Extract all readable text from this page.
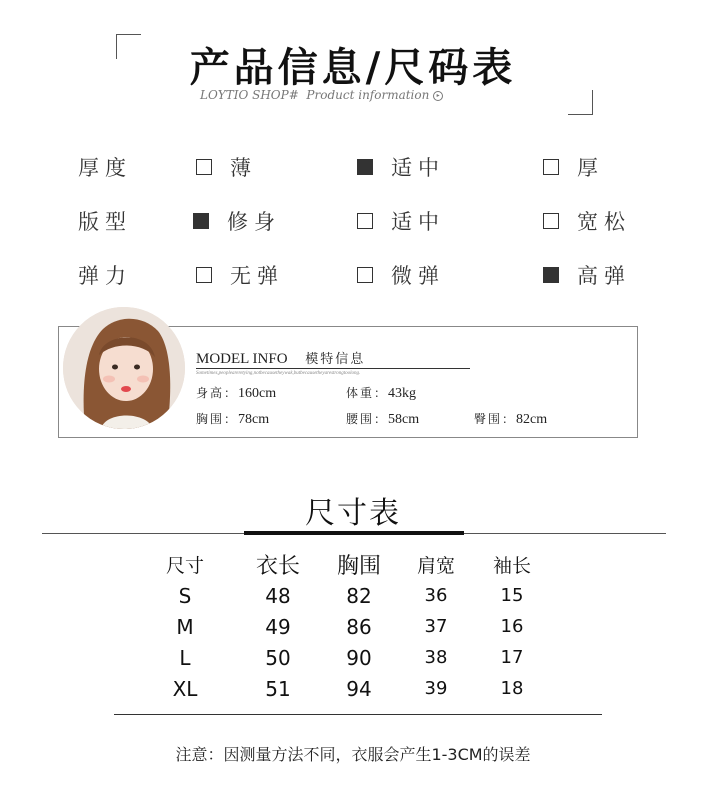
产品信息/尺码表
LOYTIO SHOP# Product information ▸
厚度	薄	适中	厚
版型	修身	适中	宽松
弹力	无弹	微弹	高弹
MODEL INFO 模特信息
Sometimes,peopleareretying,notbecausetheywak,butbecausetheyarestrongtoolong.
身高：160cm	体重：43kg
胸围：78cm	腰围：58cm	臀围：82cm
尺寸表
尺寸	衣长	胸围	肩宽	袖长
S	48	82	36	15
M	49	86	37	16
L	50	90	38	17
XL	51	94	39	18
注意：因测量方法不同，衣服会产生1-3CM的误差
